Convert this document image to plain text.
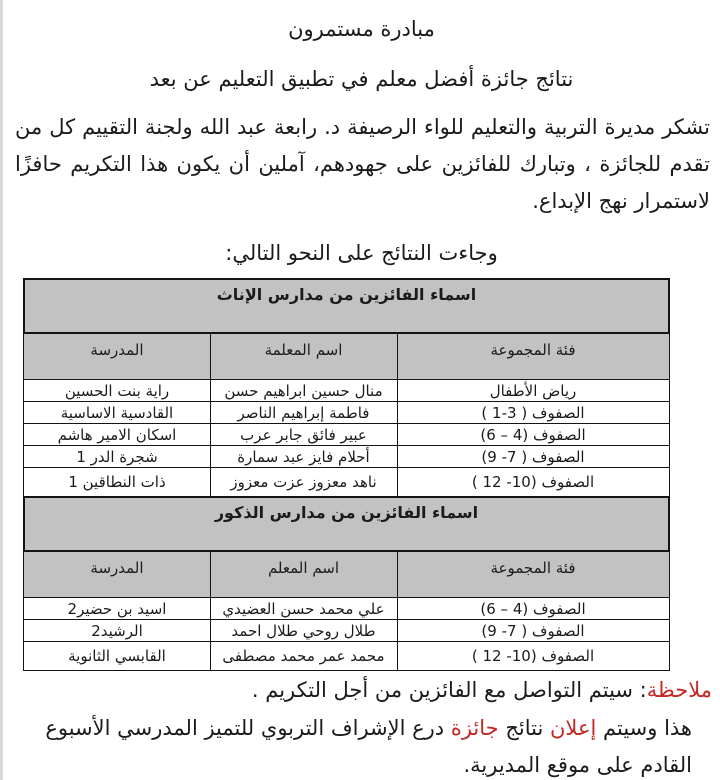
مبادرة مستمرون
نتائج جائزة أفضل معلم في تطبيق التعليم عن بعد

تشكر مديرة التربية والتعليم للواء الرصيفة د. رابعة عبد الله ولجنة التقييم كل من تقدم للجائزة ، وتبارك للفائزين على جهودهم، آملين أن يكون هذا التكريم حافزًا لاستمرار نهج الإبداع.

وجاءت النتائج على النحو التالي:
اسماء الفائزين من مدارس الإناث		
فئة المجموعة	اسم المعلمة	المدرسة
رياض الأطفال	منال حسين ابراهيم حسن	راية بنت الحسين
الصفوف ( 3-1 )	فاطمة إبراهيم الناصر	القادسية الاساسية
الصفوف (4 – 6)	عبير فائق جابر عرب	اسكان الامير هاشم
الصفوف ( 7- 9)	أحلام فايز عبد سمارة	شجرة الدر 1
الصفوف (10- 12 )	ناهد معزوز عزت معزوز	ذات النطاقين 1
اسماء الفائزين من مدارس الذكور		
فئة المجموعة	اسم المعلم	المدرسة
الصفوف (4 – 6)	علي محمد حسن العضيدي	اسيد بن حضير2
الصفوف ( 7- 9)	طلال روحي طلال احمد	الرشيد2
الصفوف (10- 12 )	محمد عمر محمد مصطفى	القابسي الثانوية
ملاحظة: سيتم التواصل مع الفائزين من أجل التكريم .

هذا وسيتم إعلان نتائج جائزة درع الإشراف التربوي للتميز المدرسي الأسبوع القادم على موقع المديرية.
